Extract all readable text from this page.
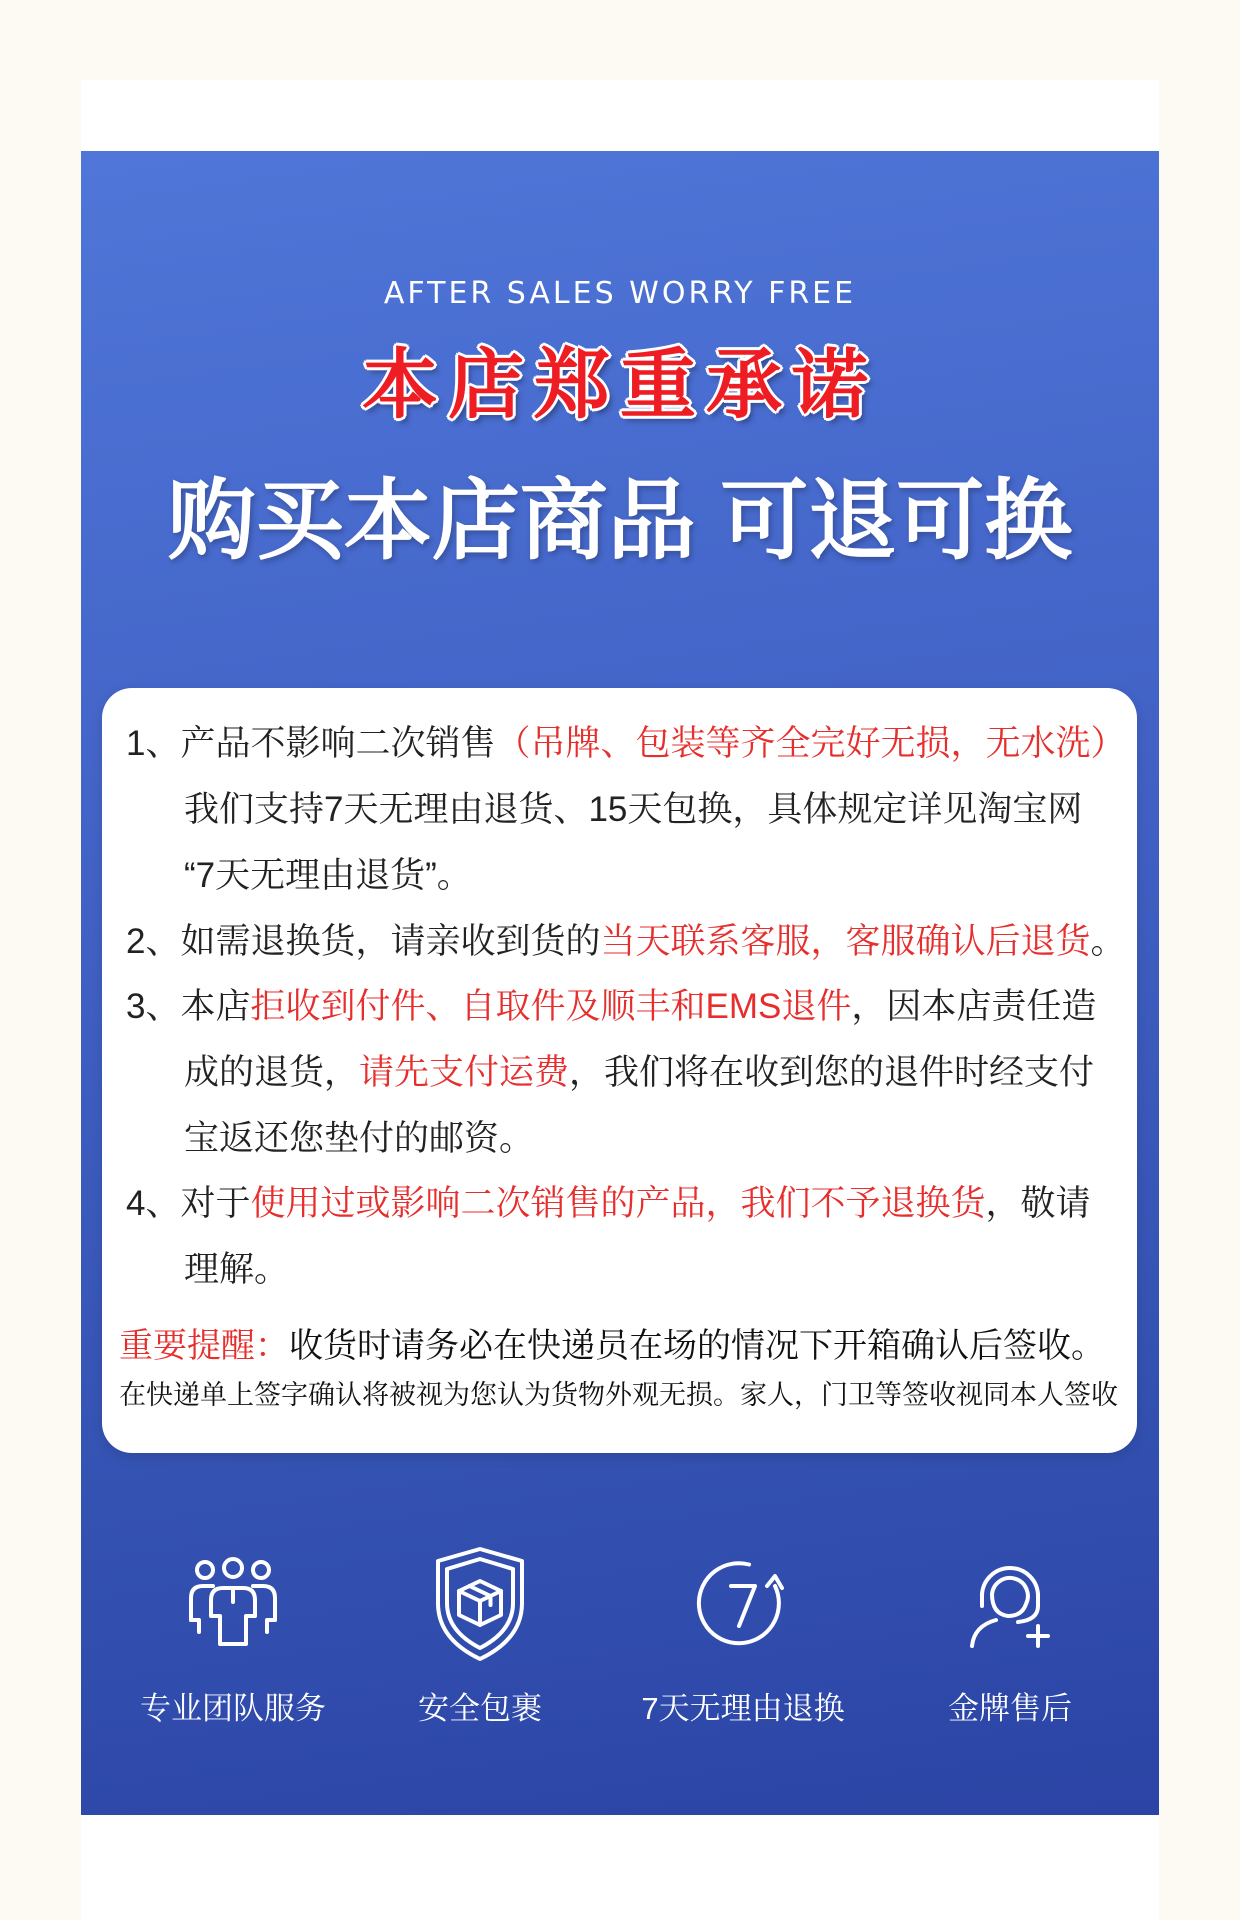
AFTER SALES WORRY FREE
本店郑重承诺
购买本店商品 可退可换
1、产品不影响二次销售（吊牌、包装等齐全完好无损，无水洗）
我们支持7天无理由退货、15天包换，具体规定详见淘宝网
“7天无理由退货”。
2、如需退换货，请亲收到货的当天联系客服，客服确认后退货。
3、本店拒收到付件、自取件及顺丰和EMS退件，因本店责任造
成的退货，请先支付运费，我们将在收到您的退件时经支付
宝返还您垫付的邮资。
4、对于使用过或影响二次销售的产品，我们不予退换货，敬请
理解。
重要提醒：收货时请务必在快递员在场的情况下开箱确认后签收。
在快递单上签字确认将被视为您认为货物外观无损。家人，门卫等签收视同本人签收
专业团队服务	安全包裹	7天无理由退换	金牌售后
